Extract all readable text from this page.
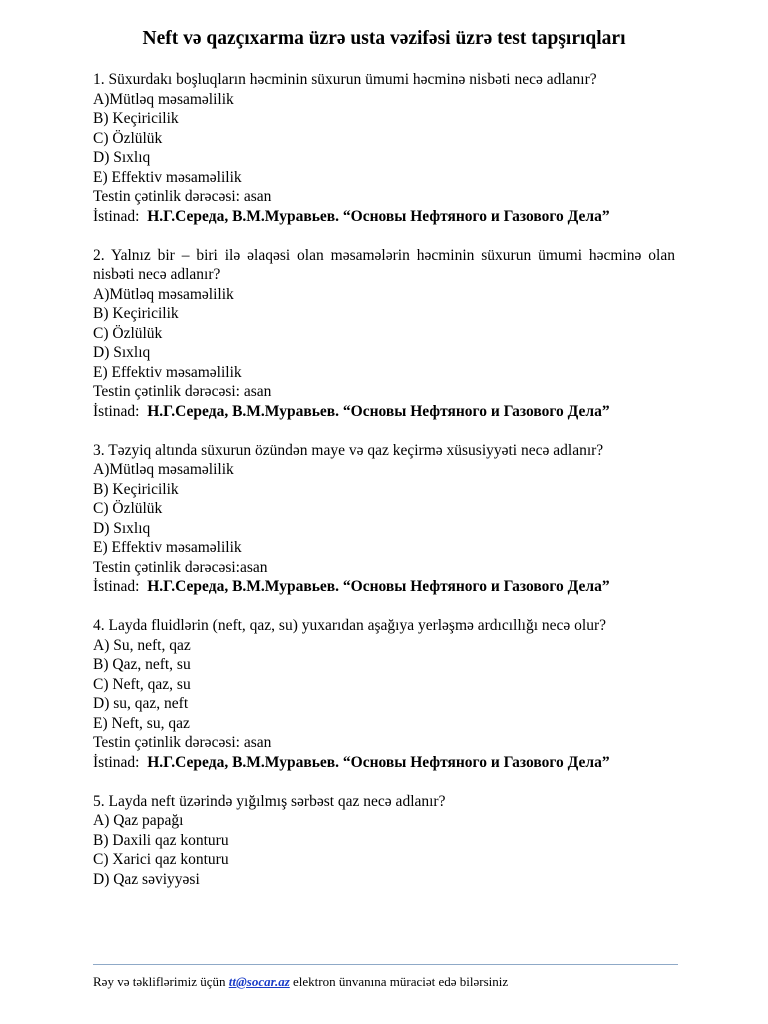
Neft və qazçıxarma üzrə usta vəzifəsi üzrə test tapşırıqları
1. Süxurdakı boşluqların həcminin süxurun ümumi həcminə nisbəti necə adlanır?
A)Mütləq məsaməlilik
B) Keçiricilik
C) Özlülük
D) Sıxlıq
E) Effektiv məsaməlilik
Testin çətinlik dərəcəsi: asan
İstinad: Н.Г.Середа, В.М.Муравьев. “Основы Нефтяного и Газового Дела”
2. Yalnız bir – biri ilə əlaqəsi olan məsamələrin həcminin süxurun ümumi həcminə olan nisbəti necə adlanır?
A)Mütləq məsaməlilik
B) Keçiricilik
C) Özlülük
D) Sıxlıq
E) Effektiv məsaməlilik
Testin çətinlik dərəcəsi: asan
İstinad: Н.Г.Середа, В.М.Муравьев. “Основы Нефтяного и Газового Дела”
3. Təzyiq altında süxurun özündən maye və qaz keçirmə xüsusiyyəti necə adlanır?
A)Mütləq məsaməlilik
B) Keçiricilik
C) Özlülük
D) Sıxlıq
E) Effektiv məsaməlilik
Testin çətinlik dərəcəsi:asan
İstinad: Н.Г.Середа, В.М.Муравьев. “Основы Нефтяного и Газового Дела”
4. Layda fluidlərin (neft, qaz, su) yuxarıdan aşağıya yerləşmə ardıcıllığı necə olur?
A) Su, neft, qaz
B) Qaz, neft, su
C) Neft, qaz, su
D) su, qaz, neft
E) Neft, su, qaz
Testin çətinlik dərəcəsi: asan
İstinad: Н.Г.Середа, В.М.Муравьев. “Основы Нефтяного и Газового Дела”
5. Layda neft üzərində yığılmış sərbəst qaz necə adlanır?
A) Qaz papağı
B) Daxili qaz konturu
C) Xarici qaz konturu
D) Qaz səviyyəsi
Rəy və təkliflərimiz üçün tt@socar.az elektron ünvanına müraciət edə bilərsiniz
